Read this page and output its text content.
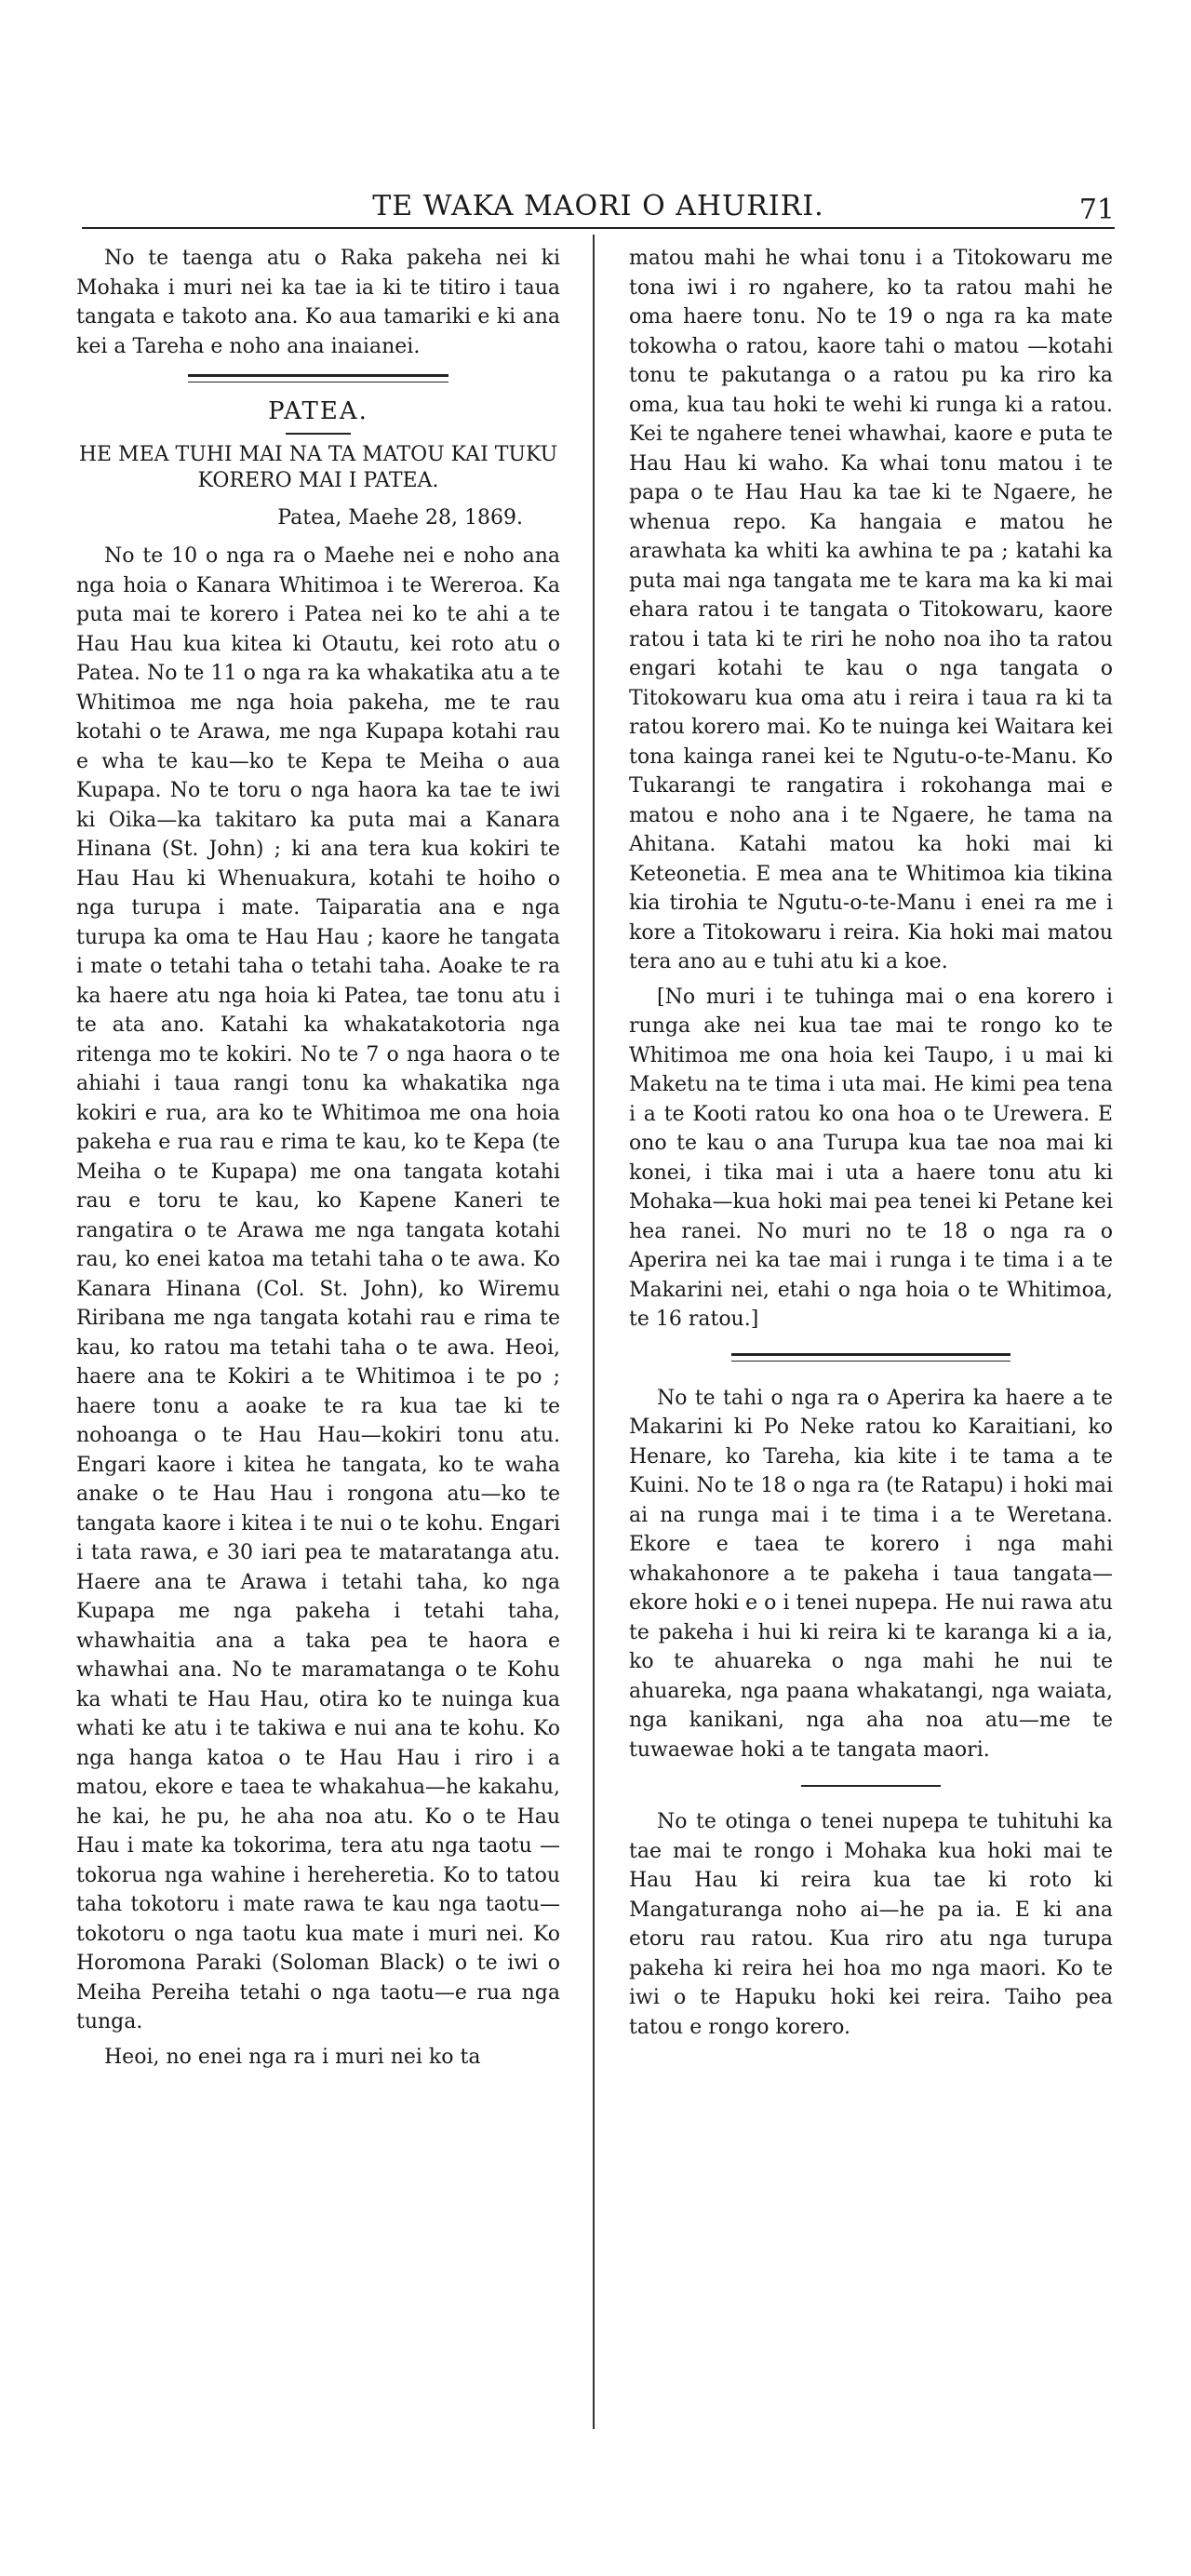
TE WAKA MAORI O AHURIRI.	71

No te taenga atu o Raka pakeha nei ki Mohaka i muri nei ka tae ia ki te titiro i taua tangata e takoto ana. Ko aua tamariki e ki ana kei a Tareha e noho ana inaianei.

PATEA.
HE MEA TUHI MAI NA TA MATOU KAI TUKU KORERO MAI I PATEA.
Patea, Maehe 28, 1869.

No te 10 o nga ra o Maehe nei e noho ana nga hoia o Kanara Whitimoa i te Wereroa. Ka puta mai te korero i Patea nei ko te ahi a te Hau Hau kua kitea ki Otautu, kei roto atu o Patea. No te 11 o nga ra ka whakatika atu a te Whitimoa me nga hoia pakeha, me te rau kotahi o te Arawa, me nga Kupapa kotahi rau e wha te kau—ko te Kepa te Meiha o aua Kupapa. No te toru o nga haora ka tae te iwi ki Oika—ka takitaro ka puta mai a Kanara Hinana (St. John) ; ki ana tera kua kokiri te Hau Hau ki Whenuakura, kotahi te hoiho o nga turupa i mate. Taiparatia ana e nga turupa ka oma te Hau Hau ; kaore he tangata i mate o tetahi taha o tetahi taha. Aoake te ra ka haere atu nga hoia ki Patea, tae tonu atu i te ata ano. Katahi ka whakatakotoria nga ritenga mo te kokiri. No te 7 o nga haora o te ahiahi i taua rangi tonu ka whakatika nga kokiri e rua, ara ko te Whitimoa me ona hoia pakeha e rua rau e rima te kau, ko te Kepa (te Meiha o te Kupapa) me ona tangata kotahi rau e toru te kau, ko Kapene Kaneri te rangatira o te Arawa me nga tangata kotahi rau, ko enei katoa ma tetahi taha o te awa. Ko Kanara Hinana (Col. St. John), ko Wiremu Riribana me nga tangata kotahi rau e rima te kau, ko ratou ma tetahi taha o te awa. Heoi, haere ana te Kokiri a te Whitimoa i te po ; haere tonu a aoake te ra kua tae ki te nohoanga o te Hau Hau—kokiri tonu atu. Engari kaore i kitea he tangata, ko te waha anake o te Hau Hau i rongona atu—ko te tangata kaore i kitea i te nui o te kohu. Engari i tata rawa, e 30 iari pea te mataratanga atu. Haere ana te Arawa i tetahi taha, ko nga Kupapa me nga pakeha i tetahi taha, whawhaitia ana a taka pea te haora e whawhai ana. No te maramatanga o te Kohu ka whati te Hau Hau, otira ko te nuinga kua whati ke atu i te takiwa e nui ana te kohu. Ko nga hanga katoa o te Hau Hau i riro i a matou, ekore e taea te whakahua—he kakahu, he kai, he pu, he aha noa atu. Ko o te Hau Hau i mate ka tokorima, tera atu nga taotu —tokorua nga wahine i hereheretia. Ko to tatou taha tokotoru i mate rawa te kau nga taotu—tokotoru o nga taotu kua mate i muri nei. Ko Horomona Paraki (Soloman Black) o te iwi o Meiha Pereiha tetahi o nga taotu—e rua nga tunga.

Heoi, no enei nga ra i muri nei ko ta

matou mahi he whai tonu i a Titokowaru me tona iwi i ro ngahere, ko ta ratou mahi he oma haere tonu. No te 19 o nga ra ka mate tokowha o ratou, kaore tahi o matou —kotahi tonu te pakutanga o a ratou pu ka riro ka oma, kua tau hoki te wehi ki runga ki a ratou. Kei te ngahere tenei whawhai, kaore e puta te Hau Hau ki waho. Ka whai tonu matou i te papa o te Hau Hau ka tae ki te Ngaere, he whenua repo. Ka hangaia e matou he arawhata ka whiti ka awhina te pa ; katahi ka puta mai nga tangata me te kara ma ka ki mai ehara ratou i te tangata o Titokowaru, kaore ratou i tata ki te riri he noho noa iho ta ratou engari kotahi te kau o nga tangata o Titokowaru kua oma atu i reira i taua ra ki ta ratou korero mai. Ko te nuinga kei Waitara kei tona kainga ranei kei te Ngutu-o-te-Manu. Ko Tukarangi te rangatira i rokohanga mai e matou e noho ana i te Ngaere, he tama na Ahitana. Katahi matou ka hoki mai ki Keteonetia. E mea ana te Whitimoa kia tikina kia tirohia te Ngutu-o-te-Manu i enei ra me i kore a Titokowaru i reira. Kia hoki mai matou tera ano au e tuhi atu ki a koe.

[No muri i te tuhinga mai o ena korero i runga ake nei kua tae mai te rongo ko te Whitimoa me ona hoia kei Taupo, i u mai ki Maketu na te tima i uta mai. He kimi pea tena i a te Kooti ratou ko ona hoa o te Urewera. E ono te kau o ana Turupa kua tae noa mai ki konei, i tika mai i uta a haere tonu atu ki Mohaka—kua hoki mai pea tenei ki Petane kei hea ranei. No muri no te 18 o nga ra o Aperira nei ka tae mai i runga i te tima i a te Makarini nei, etahi o nga hoia o te Whitimoa, te 16 ratou.]

No te tahi o nga ra o Aperira ka haere a te Makarini ki Po Neke ratou ko Karaitiani, ko Henare, ko Tareha, kia kite i te tama a te Kuini. No te 18 o nga ra (te Ratapu) i hoki mai ai na runga mai i te tima i a te Weretana. Ekore e taea te korero i nga mahi whakahonore a te pakeha i taua tangata—ekore hoki e o i tenei nupepa. He nui rawa atu te pakeha i hui ki reira ki te karanga ki a ia, ko te ahuareka o nga mahi he nui te ahuareka, nga paana whakatangi, nga waiata, nga kanikani, nga aha noa atu—me te tuwaewae hoki a te tangata maori.

No te otinga o tenei nupepa te tuhituhi ka tae mai te rongo i Mohaka kua hoki mai te Hau Hau ki reira kua tae ki roto ki Mangaturanga noho ai—he pa ia. E ki ana etoru rau ratou. Kua riro atu nga turupa pakeha ki reira hei hoa mo nga maori. Ko te iwi o te Hapuku hoki kei reira. Taiho pea tatou e rongo korero.
